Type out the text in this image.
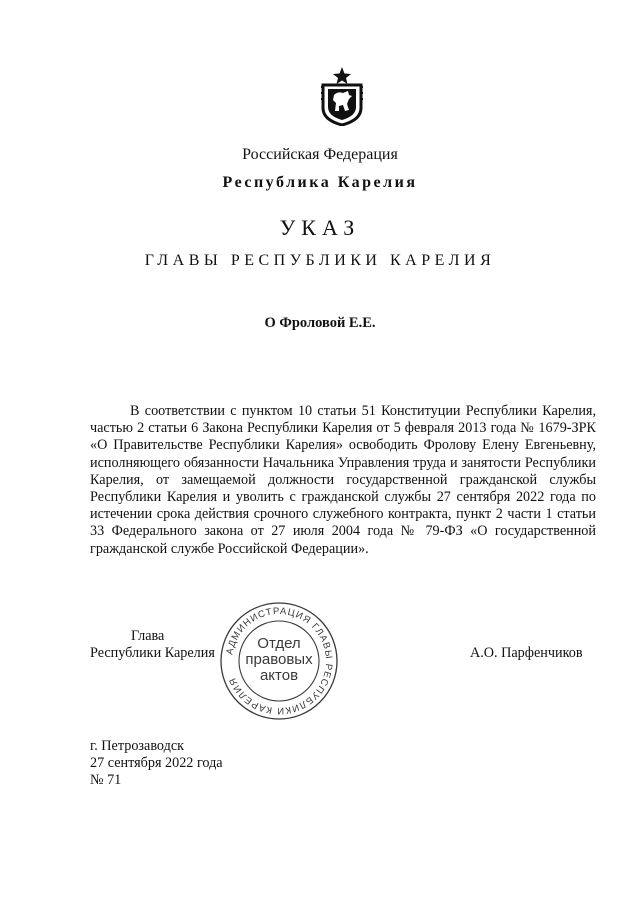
Российская Федерация
Республика Карелия
УКАЗ
ГЛАВЫ РЕСПУБЛИКИ КАРЕЛИЯ
О Фроловой Е.Е.

В соответствии с пунктом 10 статьи 51 Конституции Республики Карелия, частью 2 статьи 6 Закона Республики Карелия от 5 февраля 2013 года № 1679-ЗРК «О Правительстве Республики Карелия» освободить Фролову Елену Евгеньевну, исполняющего обязанности Начальника Управления труда и занятости Республики Карелия, от замещаемой должности государственной гражданской службы Республики Карелия и уволить с гражданской службы 27 сентября 2022 года по истечении срока действия срочного служебного контракта, пункт 2 части 1 статьи 33 Федерального закона от 27 июля 2004 года № 79-ФЗ «О государственной гражданской службе Российской Федерации».

Глава
Республики Карелия	А.О. Парфенчиков
АДМИНИСТРАЦИЯ ГЛАВЫ РЕСПУБЛИКИ КАРЕЛИЯ
Отдел
правовых
актов
г. Петрозаводск
27 сентября 2022 года
№ 71
